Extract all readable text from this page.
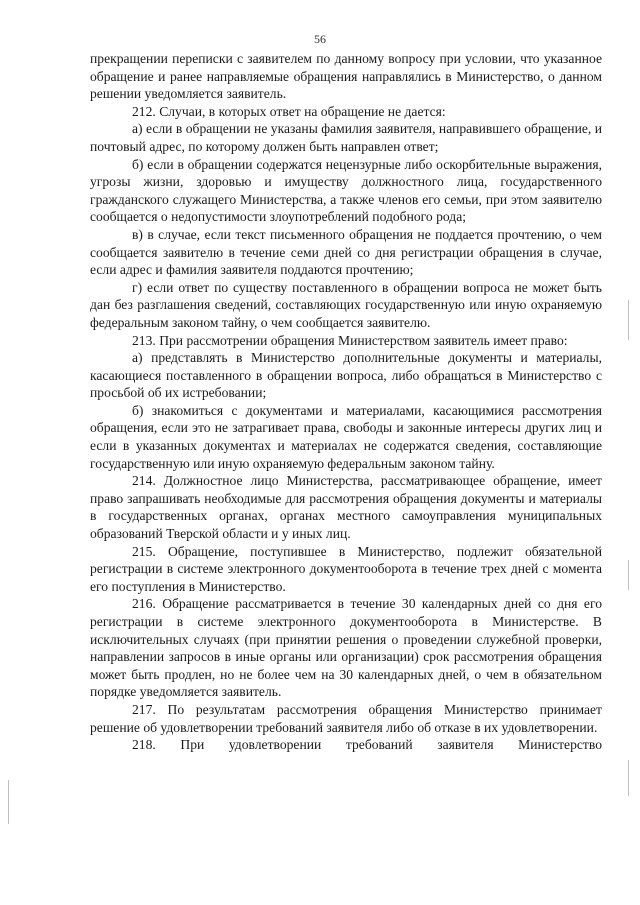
56

прекращении переписки с заявителем по данному вопросу при условии, что указанное обращение и ранее направляемые обращения направлялись в Министерство, о данном решении уведомляется заявитель.

212. Случаи, в которых ответ на обращение не дается:

а) если в обращении не указаны фамилия заявителя, направившего обращение, и почтовый адрес, по которому должен быть направлен ответ;

б) если в обращении содержатся нецензурные либо оскорбительные выражения, угрозы жизни, здоровью и имуществу должностного лица, государственного гражданского служащего Министерства, а также членов его семьи, при этом заявителю сообщается о недопустимости злоупотреблений подобного рода;

в) в случае, если текст письменного обращения не поддается прочтению, о чем сообщается заявителю в течение семи дней со дня регистрации обращения в случае, если адрес и фамилия заявителя поддаются прочтению;

г) если ответ по существу поставленного в обращении вопроса не может быть дан без разглашения сведений, составляющих государственную или иную охраняемую федеральным законом тайну, о чем сообщается заявителю.

213. При рассмотрении обращения Министерством заявитель имеет право:

а) представлять в Министерство дополнительные документы и материалы, касающиеся поставленного в обращении вопроса, либо обращаться в Министерство с просьбой об их истребовании;

б) знакомиться с документами и материалами, касающимися рассмотрения обращения, если это не затрагивает права, свободы и законные интересы других лиц и если в указанных документах и материалах не содержатся сведения, составляющие государственную или иную охраняемую федеральным законом тайну.

214. Должностное лицо Министерства, рассматривающее обращение, имеет право запрашивать необходимые для рассмотрения обращения документы и материалы в государственных органах, органах местного самоуправления муниципальных образований Тверской области и у иных лиц.

215. Обращение, поступившее в Министерство, подлежит обязательной регистрации в системе электронного документооборота в течение трех дней с момента его поступления в Министерство.

216. Обращение рассматривается в течение 30 календарных дней со дня его регистрации в системе электронного документооборота в Министерстве. В исключительных случаях (при принятии решения о проведении служебной проверки, направлении запросов в иные органы или организации) срок рассмотрения обращения может быть продлен, но не более чем на 30 календарных дней, о чем в обязательном порядке уведомляется заявитель.

217. По результатам рассмотрения обращения Министерство принимает решение об удовлетворении требований заявителя либо об отказе в их удовлетворении.

218. При удовлетворении требований заявителя Министерство
